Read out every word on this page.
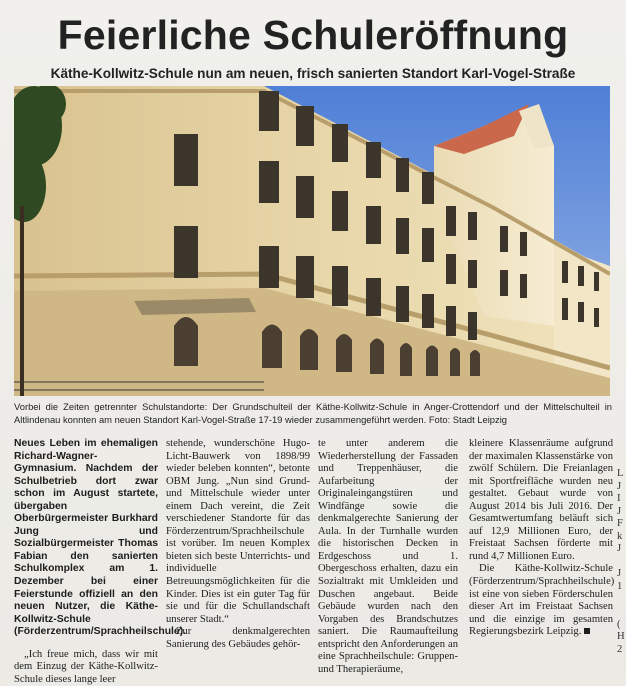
Feierliche Schuleröffnung
Käthe-Kollwitz-Schule nun am neuen, frisch sanierten Standort Karl-Vogel-Straße
Vorbei die Zeiten getrennter Schulstandorte: Der Grundschulteil der Käthe-Kollwitz-Schule in Anger-Crottendorf und der Mittelschulteil in Altlindenau konnten am neuen Standort Karl-Vogel-Straße 17-19 wieder zusammengeführt werden. Foto: Stadt Leipzig

Neues Leben im ehemaligen Richard-Wagner-Gymnasium. Nachdem der Schulbetrieb dort zwar schon im August startete, übergaben Oberbürgermeister Burkhard Jung und Sozialbürgermeister Thomas Fabian den sanierten Schulkomplex am 1. Dezember bei einer Feierstunde offiziell an den neuen Nutzer, die Käthe-Kollwitz-Schule (Förderzentrum/Sprachheilschule).

„Ich freue mich, dass wir mit dem Einzug der Käthe-Kollwitz-Schule dieses lange leer

stehende, wunderschöne Hugo-Licht-Bauwerk von 1898/99 wieder beleben konnten“, betonte OBM Jung. „Nun sind Grund- und Mittelschule wieder unter einem Dach vereint, die Zeit verschiedener Standorte für das Förderzentrum/Sprachheilschule ist vorüber. Im neuen Komplex bieten sich beste Unterrichts- und individuelle Betreuungsmöglichkeiten für die Kinder. Dies ist ein guter Tag für sie und für die Schullandschaft unserer Stadt.“

Zur denkmalgerechten Sanierung des Gebäudes gehör-

te unter anderem die Wiederherstellung der Fassaden und Treppenhäuser, die Aufarbeitung der Originaleingangstüren und Windfänge sowie die denkmalgerechte Sanierung der Aula. In der Turnhalle wurden die historischen Decken in Erdgeschoss und 1. Obergeschoss erhalten, dazu ein Sozialtrakt mit Umkleiden und Duschen angebaut. Beide Gebäude wurden nach den Vorgaben des Brandschutzes saniert. Die Raumaufteilung entspricht den Anforderungen an eine Sprachheilschule: Gruppen- und Therapieräume,

kleinere Klassenräume aufgrund der maximalen Klassenstärke von zwölf Schülern. Die Freianlagen mit Sportfreifläche wurden neu gestaltet. Gebaut wurde von August 2014 bis Juli 2016. Der Gesamtwertumfang beläuft sich auf 12,9 Millionen Euro, der Freistaat Sachsen förderte mit rund 4,7 Millionen Euro.

Die Käthe-Kollwitz-Schule (Förderzentrum/Sprachheilschule) ist eine von sieben Förderschulen dieser Art im Freistaat Sachsen und die einzige im gesamten Regierungsbezirk Leipzig.

L
J
I
J
F
k
J

J
1

(
H
2
